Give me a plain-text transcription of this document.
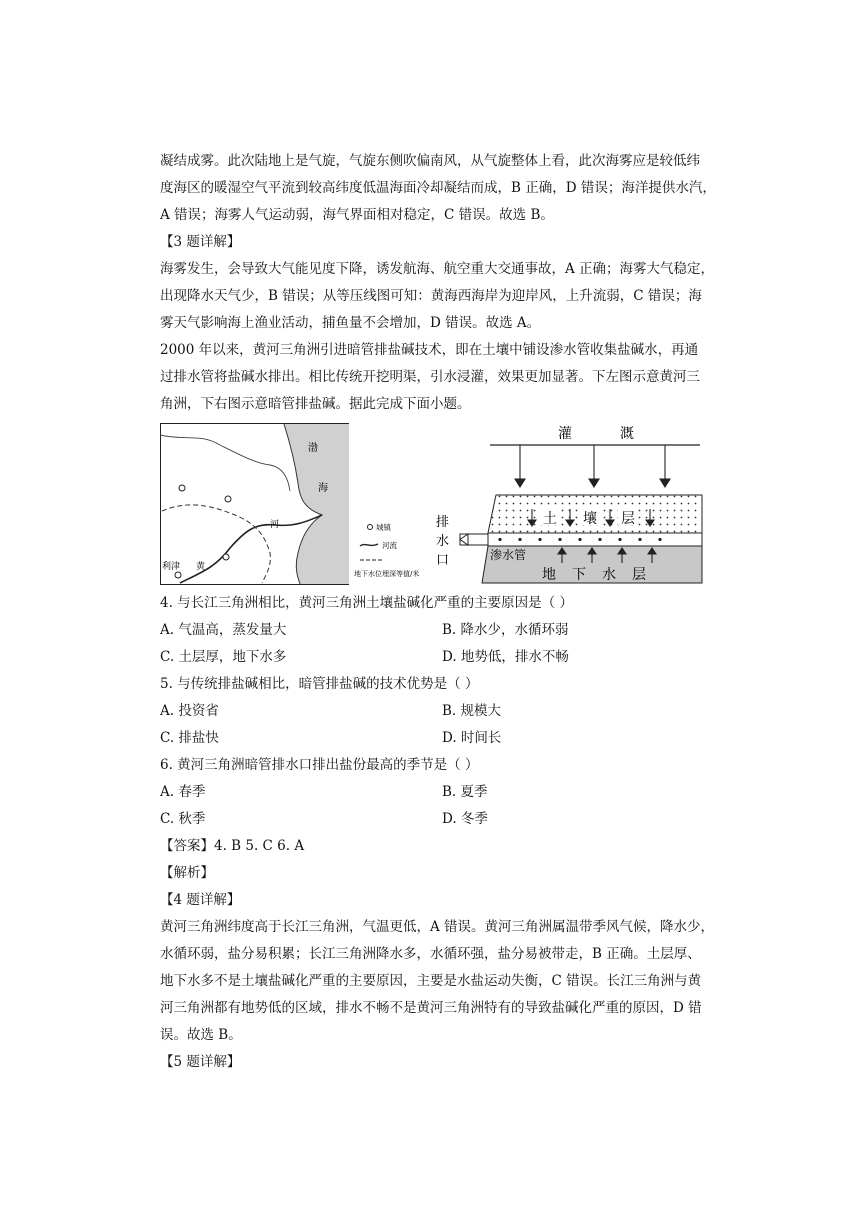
凝结成雾。此次陆地上是气旋，气旋东侧吹偏南风，从气旋整体上看，此次海雾应是较低纬
度海区的暖湿空气平流到较高纬度低温海面冷却凝结而成，B 正确，D 错误；海洋提供水汽，
A 错误；海雾人气运动弱，海气界面相对稳定，C 错误。故选 B。
【3 题详解】
海雾发生，会导致大气能见度下降，诱发航海、航空重大交通事故，A 正确；海雾大气稳定，
出现降水天气少，B 错误；从等压线图可知：黄海西海岸为迎岸风，上升流弱，C 错误；海
雾天气影响海上渔业活动，捕鱼量不会增加，D 错误。故选 A。
2000 年以来，黄河三角洲引进暗管排盐碱技术，即在土壤中铺设渗水管收集盐碱水，再通
过排水管将盐碱水排出。相比传统开挖明渠，引水浸灌，效果更加显著。下左图示意黄河三
角洲，下右图示意暗管排盐碱。据此完成下面小题。
渤
海
河
黄
利津
城镇
河流
地下水位埋深等值/米
灌	溉
排
水
口
土 壤 层
渗水管
地 下 水 层
4. 与长江三角洲相比，黄河三角洲土壤盐碱化严重的主要原因是（ ）
A. 气温高，蒸发量大	B. 降水少，水循环弱
C. 土层厚，地下水多	D. 地势低，排水不畅
5. 与传统排盐碱相比，暗管排盐碱的技术优势是（ ）
A. 投资省	B. 规模大
C. 排盐快	D. 时间长
6. 黄河三角洲暗管排水口排出盐份最高的季节是（ ）
A. 春季	B. 夏季
C. 秋季	D. 冬季
【答案】4. B 5. C 6. A
【解析】
【4 题详解】
黄河三角洲纬度高于长江三角洲，气温更低，A 错误。黄河三角洲属温带季风气候，降水少，
水循环弱，盐分易积累；长江三角洲降水多，水循环强，盐分易被带走，B 正确。土层厚、
地下水多不是土壤盐碱化严重的主要原因，主要是水盐运动失衡，C 错误。长江三角洲与黄
河三角洲都有地势低的区域，排水不畅不是黄河三角洲特有的导致盐碱化严重的原因，D 错
误。故选 B。
【5 题详解】
